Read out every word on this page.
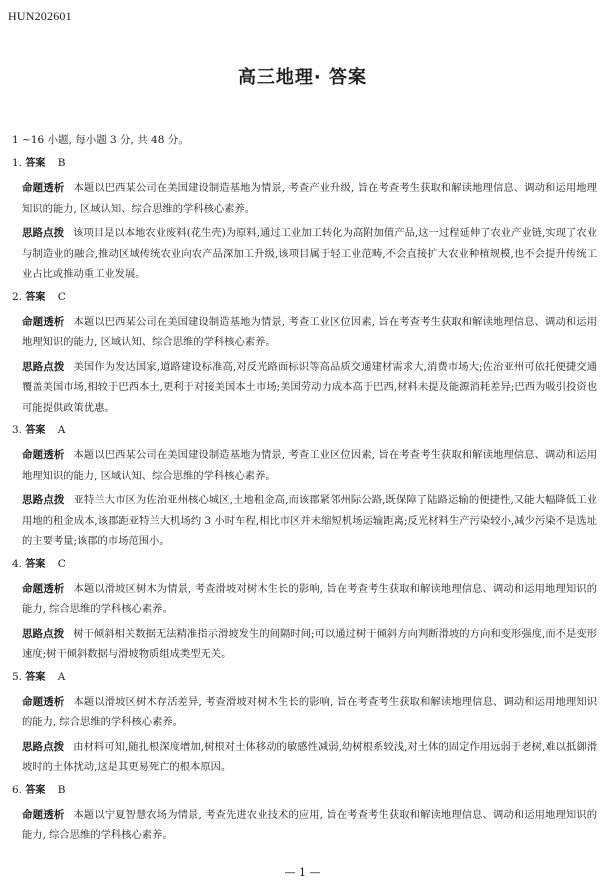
HUN202601
高三地理· 答案
1 ~16 小题, 每小题 3 分, 共 48 分。
1. 答案 B

命题透析 本题以巴西某公司在美国建设制造基地为情景, 考查产业升级, 旨在考查考生获取和解读地理信息、调动和运用地理知识的能力, 区域认知、综合思维的学科核心素养。

思路点拨 该项目是以本地农业废料(花生壳)为原料,通过工业加工转化为高附加值产品,这一过程延伸了农业产业链,实现了农业与制造业的融合,推动区域传统农业向农产品深加工升级,该项目属于轻工业范畴,不会直接扩大农业种植规模,也不会提升传统工业占比或推动重工业发展。

2. 答案 C

命题透析 本题以巴西某公司在美国建设制造基地为情景, 考查工业区位因素, 旨在考查考生获取和解读地理信息、调动和运用地理知识的能力, 区域认知、综合思维的学科核心素养。

思路点拨 美国作为发达国家,道路建设标准高,对反光路面标识等高品质交通建材需求大,消费市场大;佐治亚州可依托便捷交通覆盖美国市场,相较于巴西本土,更利于对接美国本土市场;美国劳动力成本高于巴西,材料未提及能源消耗差异;巴西为吸引投资也可能提供政策优惠。

3. 答案 A

命题透析 本题以巴西某公司在美国建设制造基地为情景, 考查工业区位因素, 旨在考查考生获取和解读地理信息、调动和运用地理知识的能力, 区域认知、综合思维的学科核心素养。

思路点拨 亚特兰大市区为佐治亚州核心城区,土地租金高,而该郡紧邻州际公路,既保障了陆路运输的便捷性,又能大幅降低工业用地的租金成本,该郡距亚特兰大机场约 3 小时车程,相比市区并未缩短机场运输距离;反光材料生产污染较小,减少污染不是选址的主要考量;该郡的市场范围小。

4. 答案 C

命题透析 本题以滑坡区树木为情景, 考查滑坡对树木生长的影响, 旨在考查考生获取和解读地理信息、调动和运用地理知识的能力, 综合思维的学科核心素养。

思路点拨 树干倾斜相关数据无法精准指示滑坡发生的间隔时间;可以通过树干倾斜方向判断滑坡的方向和变形强度,而不是变形速度;树干倾斜数据与滑坡物质组成类型无关。

5. 答案 A

命题透析 本题以滑坡区树木存活差异, 考查滑坡对树木生长的影响, 旨在考查考生获取和解读地理信息、调动和运用地理知识的能力, 综合思维的学科核心素养。

思路点拨 由材料可知,随扎根深度增加,树根对土体移动的敏感性减弱,幼树根系较浅,对土体的固定作用远弱于老树,难以抵御滑坡时的土体扰动,这是其更易死亡的根本原因。

6. 答案 B

命题透析 本题以宁夏智慧农场为情景, 考查先进农业技术的应用, 旨在考查考生获取和解读地理信息、调动和运用地理知识的能力, 综合思维的学科核心素养。

— 1 —
